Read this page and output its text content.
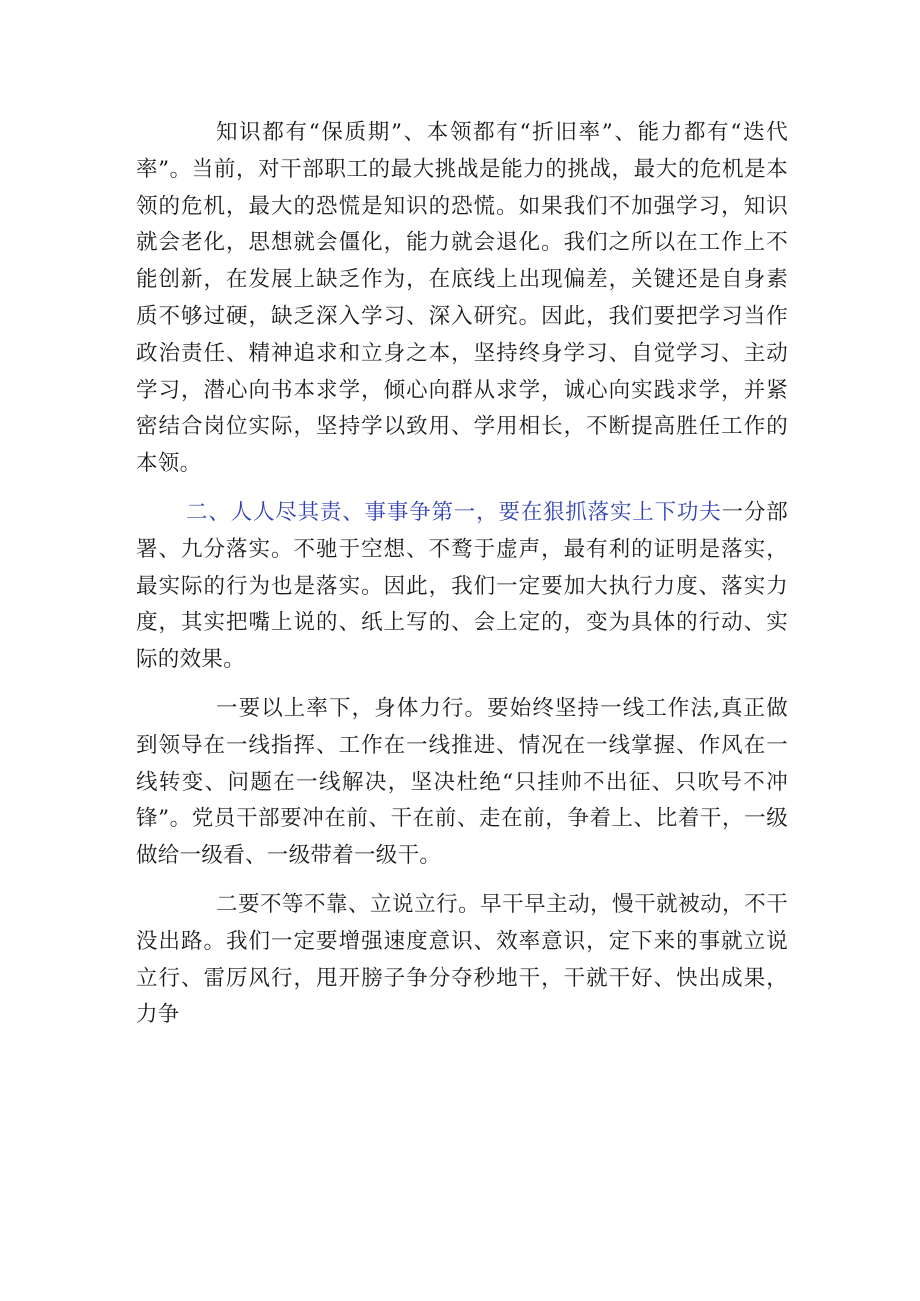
知识都有“保质期”、本领都有“折旧率”、能力都有“迭代率”。当前，对干部职工的最大挑战是能力的挑战，最大的危机是本领的危机，最大的恐慌是知识的恐慌。如果我们不加强学习，知识就会老化，思想就会僵化，能力就会退化。我们之所以在工作上不能创新，在发展上缺乏作为，在底线上出现偏差，关键还是自身素质不够过硬，缺乏深入学习、深入研究。因此，我们要把学习当作政治责任、精神追求和立身之本，坚持终身学习、自觉学习、主动学习，潜心向书本求学，倾心向群从求学，诚心向实践求学，并紧密结合岗位实际，坚持学以致用、学用相长，不断提高胜任工作的本领。

二、人人尽其责、事事争第一，要在狠抓落实上下功夫一分部署、九分落实。不驰于空想、不鹜于虚声，最有利的证明是落实，最实际的行为也是落实。因此，我们一定要加大执行力度、落实力度，其实把嘴上说的、纸上写的、会上定的，变为具体的行动、实际的效果。

一要以上率下，身体力行。要始终坚持一线工作法,真正做到领导在一线指挥、工作在一线推进、情况在一线掌握、作风在一线转变、问题在一线解决，坚决杜绝“只挂帅不出征、只吹号不冲锋”。党员干部要冲在前、干在前、走在前，争着上、比着干，一级做给一级看、一级带着一级干。

二要不等不靠、立说立行。早干早主动，慢干就被动，不干没出路。我们一定要增强速度意识、效率意识，定下来的事就立说立行、雷厉风行，甩开膀子争分夺秒地干，干就干好、快出成果，力争
